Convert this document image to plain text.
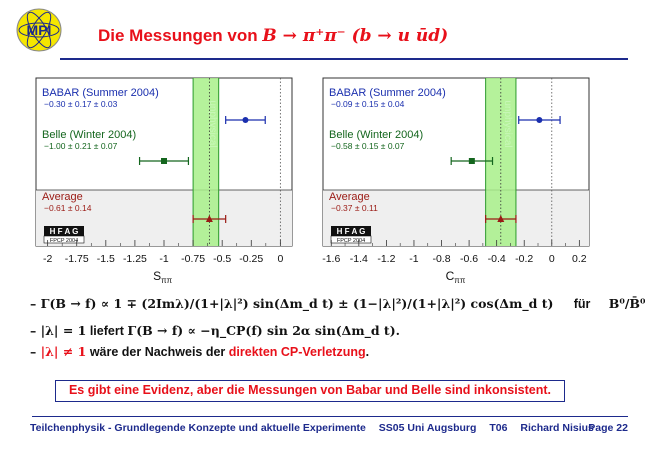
MPI	Die Messungen von B → π⁺π⁻ (b → u ūd)
unphysical
BABAR (Summer 2004)
−0.30 ± 0.17 ± 0.03
Belle (Winter 2004)
−1.00 ± 0.21 ± 0.07
Average
−0.61 ± 0.14
H F A G
FPCP 2004
-2 -1.75 -1.5 -1.25 -1 -0.75 -0.5 -0.25 0
$S_{\pi\pi}$
unphysical
BABAR (Summer 2004)
−0.09 ± 0.15 ± 0.04
Belle (Winter 2004)
−0.58 ± 0.15 ± 0.07
Average
−0.37 ± 0.11
H F A G
FPCP 2004
-1.6 -1.4 -1.2 -1 -0.8 -0.6 -0.4 -0.2 0 0.2
$C_{\pi\pi}$
– Γ(B → f) ∝ 1 ∓ (2Imλ)/(1+|λ|²) sin(Δm_d t) ± (1−|λ|²)/(1+|λ|²) cos(Δm_d t) für B⁰/B̄⁰
– |λ| = 1 liefert Γ(B → f) ∝ −η_CP(f) sin 2α sin(Δm_d t).
– |λ| ≠ 1 wäre der Nachweis der direkten CP-Verletzung.
Es gibt eine Evidenz, aber die Messungen von Babar und Belle sind inkonsistent.
Teilchenphysik - Grundlegende Konzepte und aktuelle Experimente SS05 Uni Augsburg T06 Richard Nisius
Page 22
